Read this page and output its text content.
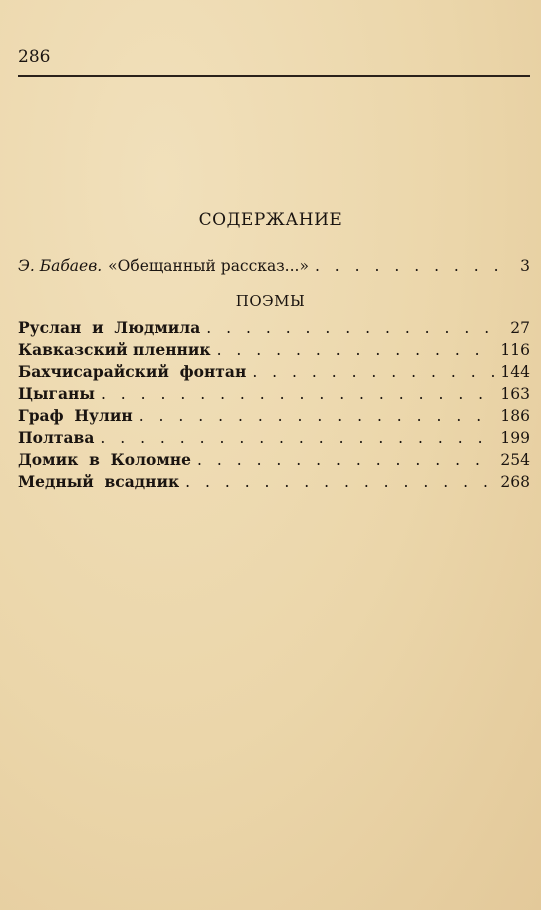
286
СОДЕРЖАНИЕ
Э. Бабаев. «Обещанный рассказ...» . . .	3
ПОЭМЫ
Руслан  и  Людмила . . .	27
Кавказский пленник . . .	116
Бахчисарайский  фонтан . . .	144
Цыганы . . .	163
Граф  Нулин . . .	186
Полтава . . .	199
Домик  в  Коломне . . .	254
Медный  всадник . . .	268
